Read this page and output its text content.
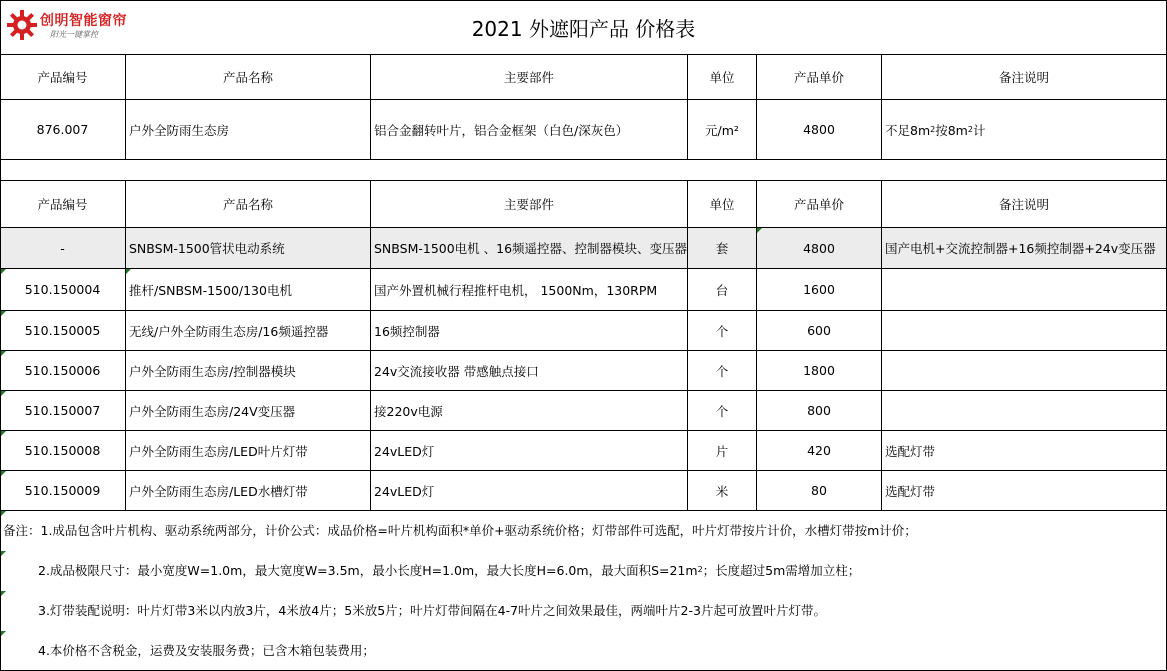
创明智能窗帘
阳光一键掌控	2021 外遮阳产品 价格表
产品编号	产品名称	主要部件	单位	产品单价	备注说明
876.007	户外全防雨生态房	铝合金翻转叶片，铝合金框架（白色/深灰色）	元/m²	4800	不足8m 2 按8m 2 计
产品编号	产品名称	主要部件	单位	产品单价	备注说明
-	SNBSM-1500管状电动系统	SNBSM-1500电机 、16频遥控器、控制器模块、变压器	套	4800	国产电机+交流控制器+16频控制器+24v变压器
510.150004	推杆/SNBSM-1500/130电机	国产外置机械行程推杆电机， 1500Nm，130RPM	台	1600
510.150005	无线/户外全防雨生态房/16频遥控器	16频控制器	个	600
510.150006	户外全防雨生态房/控制器模块	24v交流接收器 带感触点接口	个	1800
510.150007	户外全防雨生态房/24V变压器	接220v电源	个	800
510.150008	户外全防雨生态房/LED叶片灯带	24vLED灯	片	420	选配灯带
510.150009	户外全防雨生态房/LED水槽灯带	24vLED灯	米	80	选配灯带
备注：1.成品包含叶片机构、驱动系统两部分，计价公式：成品价格=叶片机构面积*单价+驱动系统价格；灯带部件可选配，叶片灯带按片计价，水槽灯带按m计价；
2.成品极限尺寸：最小宽度W=1.0m，最大宽度W=3.5m，最小长度H=1.0m，最大长度H=6.0m，最大面积S=21m 2 ；长度超过5m需增加立柱；
3.灯带装配说明：叶片灯带3米以内放3片，4米放4片；5米放5片；叶片灯带间隔在4-7叶片之间效果最佳，两端叶片2-3片起可放置叶片灯带。
4.本价格不含税金，运费及安装服务费；已含木箱包装费用；
